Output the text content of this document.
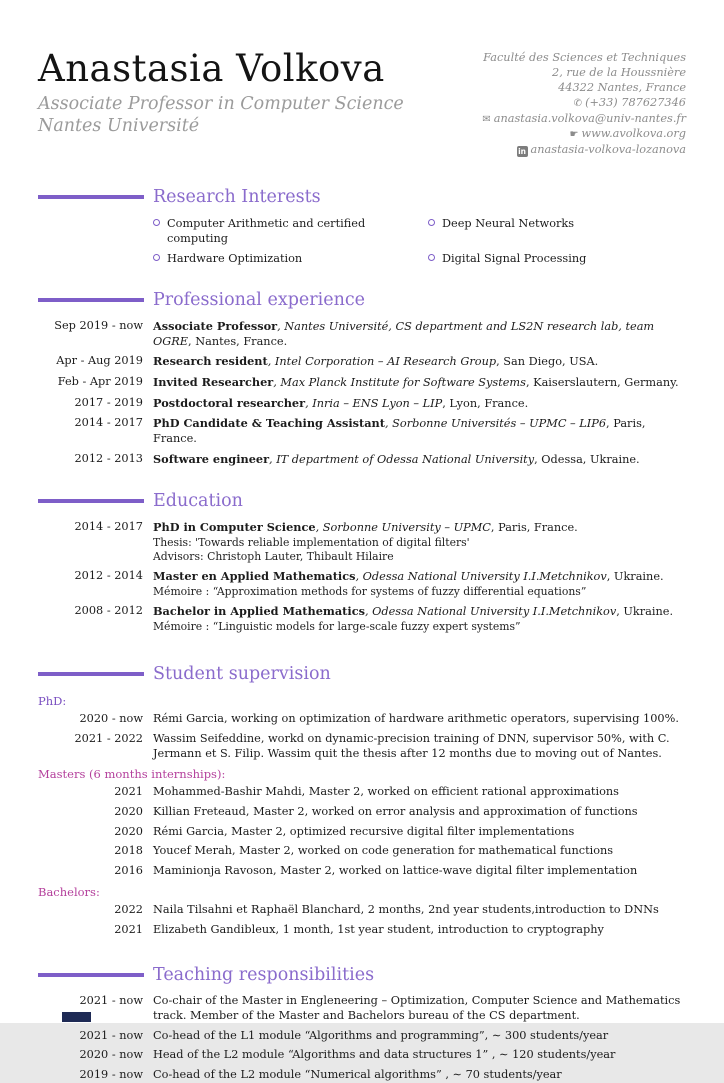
Anastasia Volkova
Associate Professor in Computer Science
Nantes Université
Faculté des Sciences et Techniques
2, rue de la Houssnière
44322 Nantes, France
✆ (+33) 787627346
✉ anastasia.volkova@univ-nantes.fr
☛ www.avolkova.org
in anastasia-volkova-lozanova
Research Interests
Computer Arithmetic and certified computing
Deep Neural Networks
Hardware Optimization	Digital Signal Processing
Professional experience
Sep 2019 - now Associate Professor, Nantes Université, CS department and LS2N research lab, team OGRE, Nantes, France.
Apr - Aug 2019 Research resident, Intel Corporation – AI Research Group, San Diego, USA.
Feb - Apr 2019 Invited Researcher, Max Planck Institute for Software Systems, Kaiserslautern, Germany.
2017 - 2019 Postdoctoral researcher, Inria – ENS Lyon – LIP, Lyon, France.
2014 - 2017 PhD Candidate & Teaching Assistant, Sorbonne Universités – UPMC – LIP6, Paris, France.
2012 - 2013 Software engineer, IT department of Odessa National University, Odessa, Ukraine.
Education
2014 - 2017 PhD in Computer Science, Sorbonne University – UPMC, Paris, France.
Thesis: 'Towards reliable implementation of digital filters'
Advisors: Christoph Lauter, Thibault Hilaire
2012 - 2014 Master en Applied Mathematics, Odessa National University I.I.Metchnikov, Ukraine.
Mémoire : “Approximation methods for systems of fuzzy differential equations”
2008 - 2012 Bachelor in Applied Mathematics, Odessa National University I.I.Metchnikov, Ukraine.
Mémoire : “Linguistic models for large-scale fuzzy expert systems”
Student supervision
PhD:
2020 - now Rémi Garcia, working on optimization of hardware arithmetic operators, supervising 100%.
2021 - 2022 Wassim Seifeddine, workd on dynamic-precision training of DNN, supervisor 50%, with C. Jermann et S. Filip. Wassim quit the thesis after 12 months due to moving out of Nantes.
Masters (6 months internships):
2021 Mohammed-Bashir Mahdi, Master 2, worked on efficient rational approximations
2020 Killian Freteaud, Master 2, worked on error analysis and approximation of functions
2020 Rémi Garcia, Master 2, optimized recursive digital filter implementations
2018 Youcef Merah, Master 2, worked on code generation for mathematical functions
2016 Maminionja Ravoson, Master 2, worked on lattice-wave digital filter implementation
Bachelors:
2022 Naila Tilsahni et Raphaël Blanchard, 2 months, 2nd year students,introduction to DNNs
2021 Elizabeth Gandibleux, 1 month, 1st year student, introduction to cryptography
Teaching responsibilities
2021 - now Co-chair of the Master in Engleneering – Optimization, Computer Science and Mathematics track. Member of the Master and Bachelors bureau of the CS department.
2021 - now Co-head of the L1 module “Algorithms and programming”, ∼ 300 students/year
2020 - now Head of the L2 module “Algorithms and data structures 1” , ∼ 120 students/year
2019 - now Co-head of the L2 module “Numerical algorithms” , ∼ 70 students/year
